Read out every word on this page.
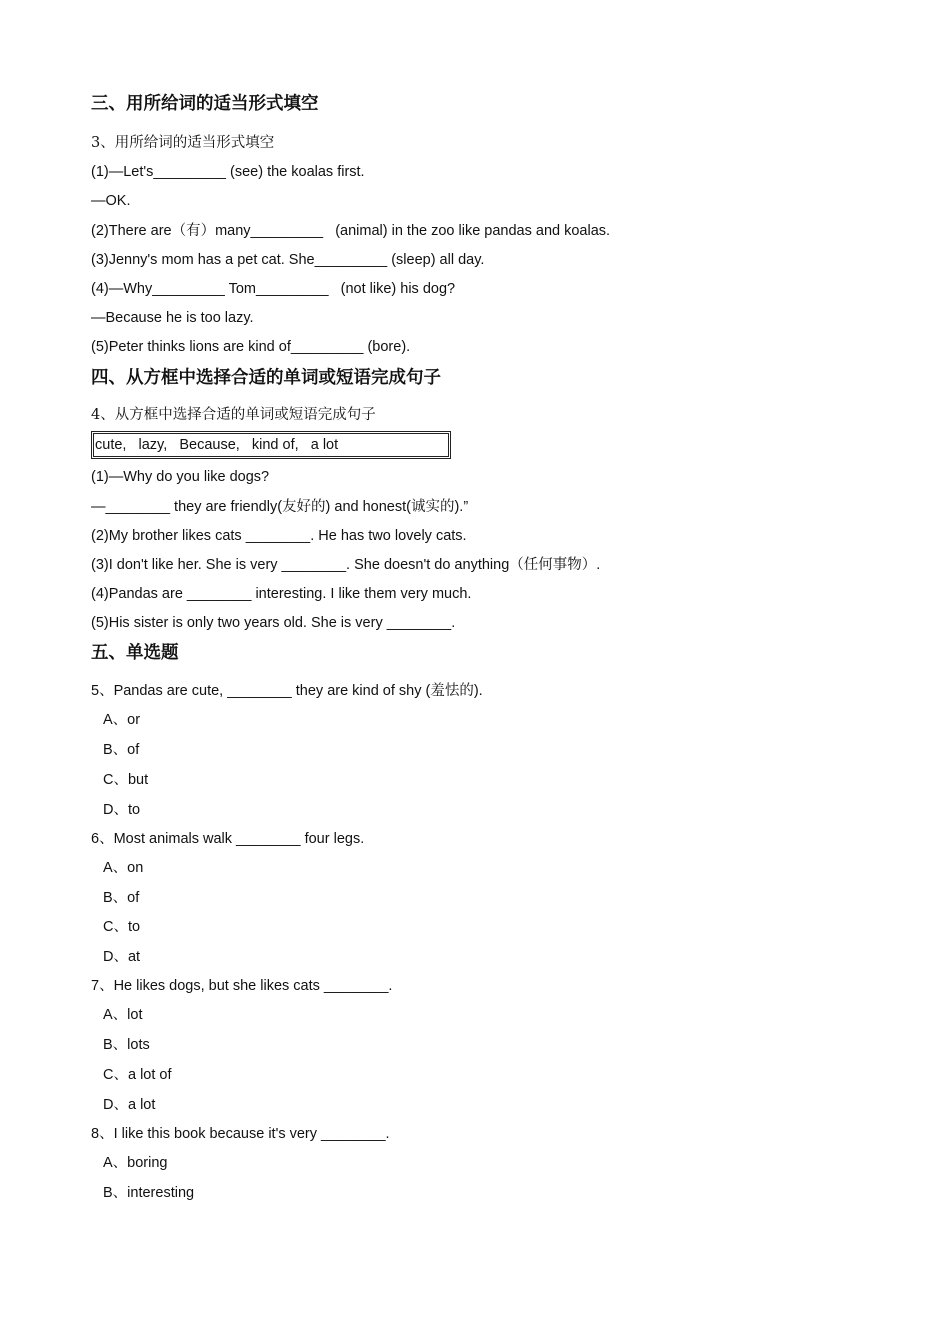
三、用所给词的适当形式填空
3、用所给词的适当形式填空
(1)—Let's_________ (see) the koalas first.
—OK.
(2)There are（有）many_________   (animal) in the zoo like pandas and koalas.
(3)Jenny's mom has a pet cat. She_________ (sleep) all day.
(4)—Why_________ Tom_________   (not like) his dog?
—Because he is too lazy.
(5)Peter thinks lions are kind of_________ (bore).
四、从方框中选择合适的单词或短语完成句子
4、从方框中选择合适的单词或短语完成句子
cute,   lazy,   Because,   kind of,   a lot
(1)—Why do you like dogs?
—________ they are friendly(友好的) and honest(诚实的).”
(2)My brother likes cats ________. He has two lovely cats.
(3)I don't like her. She is very ________. She doesn't do anything（任何事物）.
(4)Pandas are ________ interesting. I like them very much.
(5)His sister is only two years old. She is very ________.
五、单选题
5、Pandas are cute, ________ they are kind of shy (羞怯的).
A、or
B、of
C、but
D、to
6、Most animals walk ________ four legs.
A、on
B、of
C、to
D、at
7、He likes dogs, but she likes cats ________.
A、lot
B、lots
C、a lot of
D、a lot
8、I like this book because it's very ________.
A、boring
B、interesting
